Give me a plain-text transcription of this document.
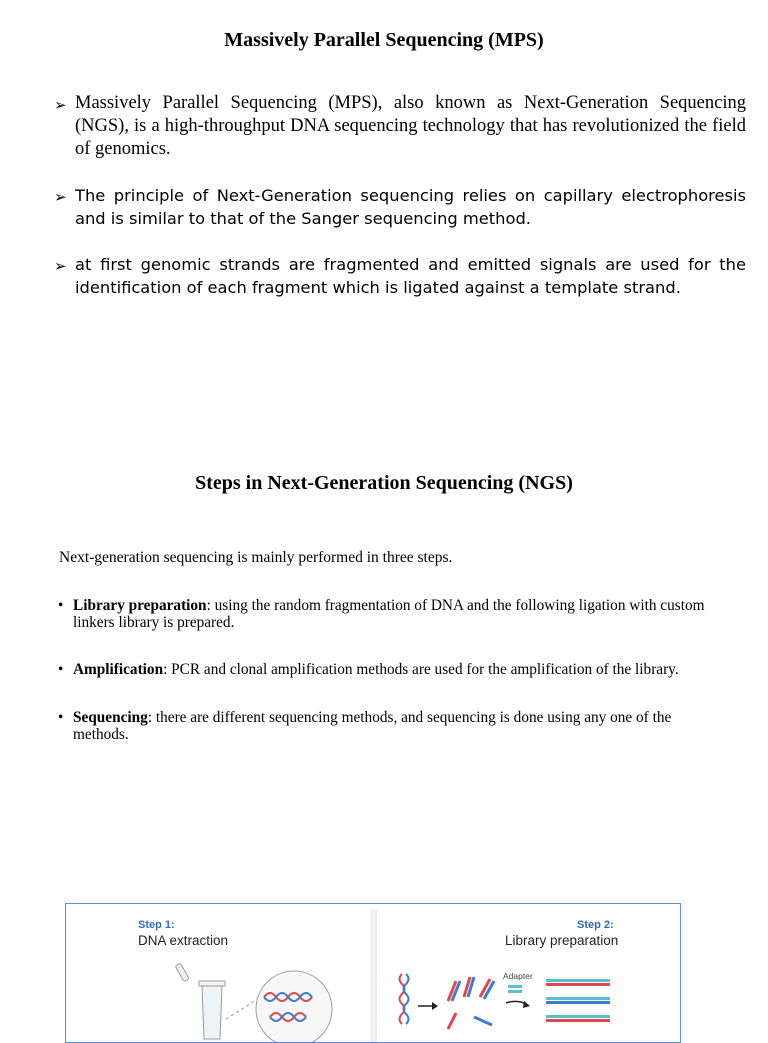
Massively Parallel Sequencing (MPS)
➢ Massively Parallel Sequencing (MPS), also known as Next-Generation Sequencing (NGS), is a high-throughput DNA sequencing technology that has revolutionized the field of genomics.
➢ The principle of Next-Generation sequencing relies on capillary electrophoresis and is similar to that of the Sanger sequencing method.
➢ at first genomic strands are fragmented and emitted signals are used for the identification of each fragment which is ligated against a template strand.
Steps in Next-Generation Sequencing (NGS)
Next-generation sequencing is mainly performed in three steps.
• Library preparation: using the random fragmentation of DNA and the following ligation with custom linkers library is prepared.
• Amplification: PCR and clonal amplification methods are used for the amplification of the library.
• Sequencing: there are different sequencing methods, and sequencing is done using any one of the methods.
Step 1:
DNA extraction
Step 2:
Library preparation
Adapter
